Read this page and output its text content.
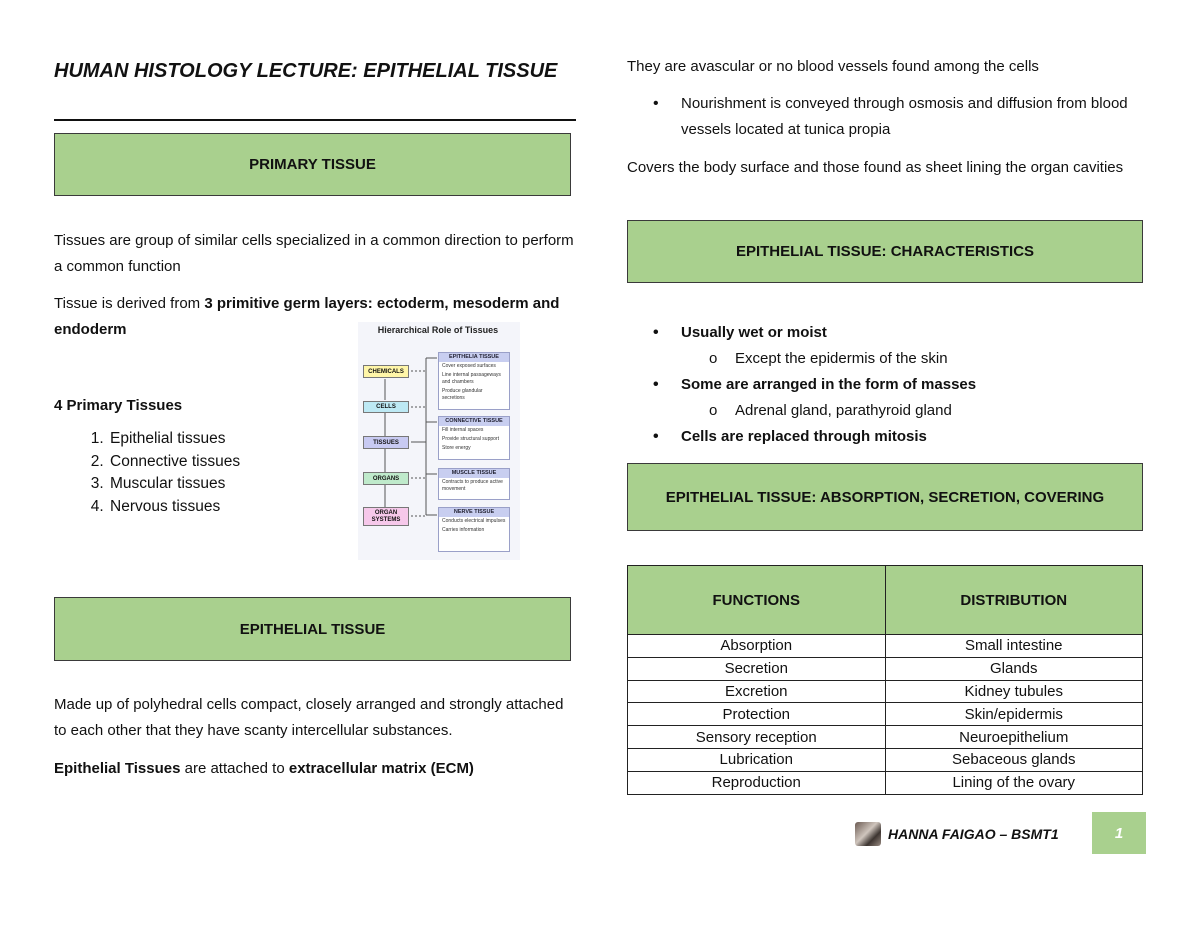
HUMAN HISTOLOGY LECTURE: EPITHELIAL TISSUE
PRIMARY TISSUE
Tissues are group of similar cells specialized in a common direction to perform a common function
Tissue is derived from 3 primitive germ layers: ectoderm, mesoderm and endoderm
4 Primary Tissues
1. Epithelial tissues
2. Connective tissues
3. Muscular tissues
4. Nervous tissues
Hierarchical Role of Tissues
CHEMICALS
CELLS
TISSUES
ORGANS
ORGAN SYSTEMS
EPITHELIA TISSUE
Cover exposed surfaces
Line internal passageways and chambers
Produce glandular secretions
CONNECTIVE TISSUE
Fill internal spaces
Provide structural support
Store energy
MUSCLE TISSUE
Contracts to produce active movement
NERVE TISSUE
Conducts electrical impulses
Carries information
EPITHELIAL TISSUE
Made up of polyhedral cells compact, closely arranged and strongly attached to each other that they have scanty intercellular substances.
Epithelial Tissues are attached to extracellular matrix (ECM)
They are avascular or no blood vessels found among the cells
• Nourishment is conveyed through osmosis and diffusion from blood vessels located at tunica propia
Covers the body surface and those found as sheet lining the organ cavities
EPITHELIAL TISSUE: CHARACTERISTICS
• Usually wet or moist
o Except the epidermis of the skin
• Some are arranged in the form of masses
o Adrenal gland, parathyroid gland
• Cells are replaced through mitosis
EPITHELIAL TISSUE: ABSORPTION, SECRETION, COVERING
FUNCTIONS	DISTRIBUTION
Absorption	Small intestine
Secretion	Glands
Excretion	Kidney tubules
Protection	Skin/epidermis
Sensory reception	Neuroepithelium
Lubrication	Sebaceous glands
Reproduction	Lining of the ovary
HANNA FAIGAO – BSMT1	1
